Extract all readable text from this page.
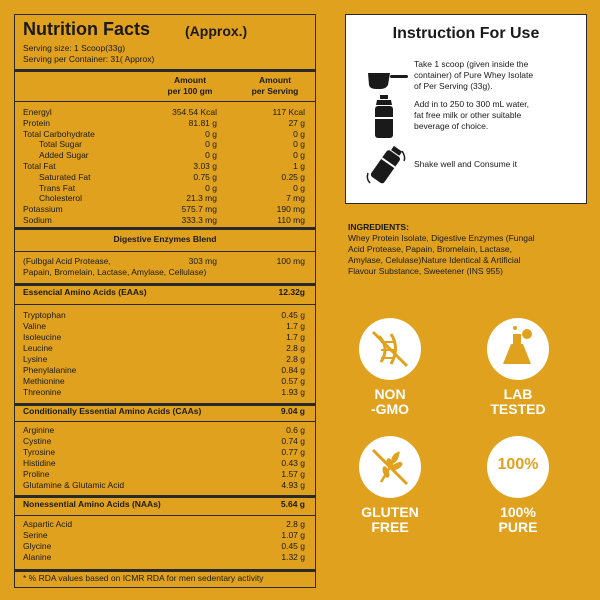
Nutrition Facts (Approx.)
Serving size: 1 Scoop(33g)
Serving per Container: 31( Approx)
Amount
per 100 gm
Amount
per Serving
Energyl	354.54 Kcal	117 Kcal
Protein	81.81 g	27 g
Total Carbohydrate	0 g	0 g
Total Sugar	0 g	0 g
Added Sugar	0 g	0 g
Total Fat	3.03 g	1 g
Saturated Fat	0.75 g	0.25 g
Trans Fat	0 g	0 g
Cholesterol	21.3 mg	7 mg
Potassium	575.7 mg	190 mg
Sodium	333.3 mg	110 mg
Digestive Enzymes Blend
(Fulbgal Acid Protease,	303 mg	100 mg
Papain, Bromelain, Lactase, Amylase, Cellulase)
Essencial Amino Acids (EAAs)	12.32g
Tryptophan	0.45 g
Valine	1.7 g
Isoleucine	1.7 g
Leucine	2.8 g
Lysine	2.8 g
Phenylalanine	0.84 g
Methionine	0.57 g
Threonine	1.93 g
Conditionally Essential Amino Acids (CAAs)	9.04 g
Arginine	0.6 g
Cystine	0.74 g
Tyrosine	0.77 g
Histidine	0.43 g
Proline	1.57 g
Glutamine & Glutamic Acid	4.93 g
Nonessential Amino Acids (NAAs)	5.64 g
Aspartic Acid	2.8 g
Serine	1.07 g
Glycine	0.45 g
Alanine	1.32 g
* % RDA values based on ICMR RDA for men sedentary activity
Instruction For Use
Take 1 scoop (given inside the
container) of Pure Whey Isolate
of Per Serving (33g).
Add in to 250 to 300 mL water,
fat free milk or other suitable
beverage of choice.
Shake well and Consume it
INGREDIENTS:
Whey Protein Isolate, Digestive Enzymes (Fungal
Acid Protease, Papain, Bromelain, Lactase,
Amylase, Celulase)Nature Identical & Artificial
Flavour Substance, Sweetener (INS 955)
NON
-GMO
LAB
TESTED
GLUTEN
FREE
100%
100%
PURE
